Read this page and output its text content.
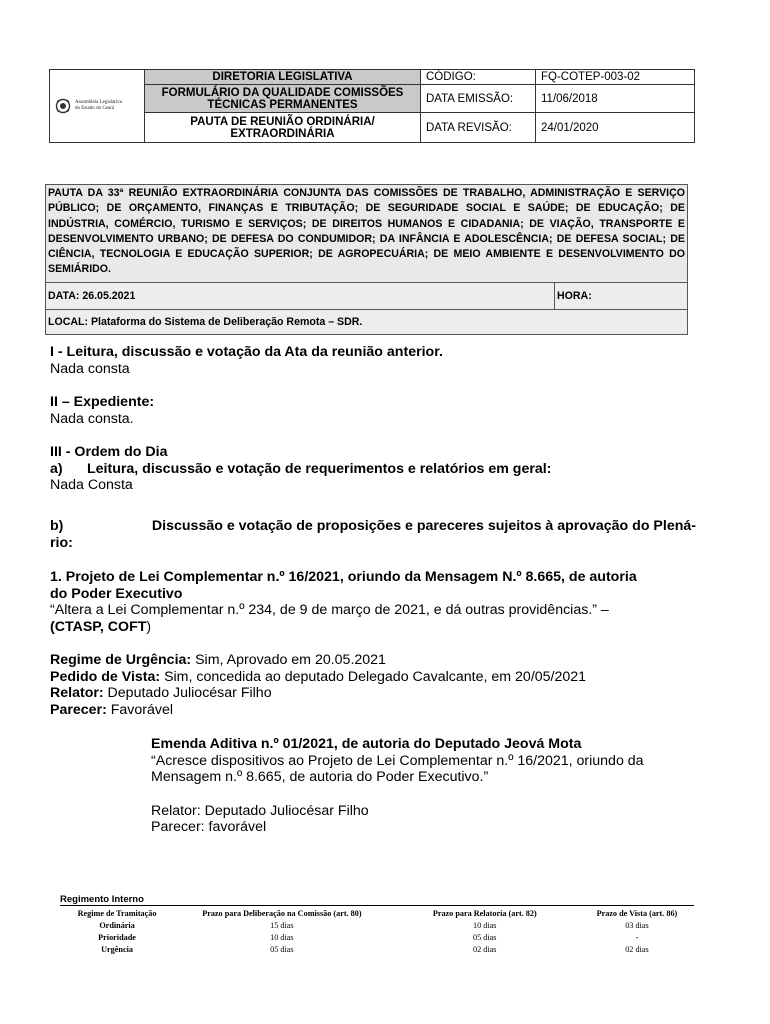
Assembleia Legislativa
do Estado do Ceará	DIRETORIA LEGISLATIVA	CÓDIGO:	FQ-COTEP-003-02
	FORMULÁRIO DA QUALIDADE COMISSÕES TÉCNICAS PERMANENTES	DATA EMISSÃO:	11/06/2018
	PAUTA DE REUNIÃO ORDINÁRIA/ EXTRAORDINÁRIA	DATA REVISÃO:	24/01/2020
PAUTA DA 33ª REUNIÃO EXTRAORDINÁRIA CONJUNTA DAS COMISSÕES DE TRABALHO, ADMINISTRAÇÃO E SERVIÇO PÚBLICO; DE ORÇAMENTO, FINANÇAS E TRIBUTAÇÃO; DE SEGURIDADE SOCIAL E SAÚDE; DE EDUCAÇÃO; DE INDÚSTRIA, COMÉRCIO, TURISMO E SERVIÇOS; DE DIREITOS HUMANOS E CIDADANIA; DE VIAÇÃO, TRANSPORTE E DESENVOLVIMENTO URBANO; DE DEFESA DO CONDUMIDOR; DA INFÂNCIA E ADOLESCÊNCIA; DE DEFESA SOCIAL; DE CIÊNCIA, TECNOLOGIA E EDUCAÇÃO SUPERIOR; DE AGROPECUÁRIA; DE MEIO AMBIENTE E DESENVOLVIMENTO DO SEMIÁRIDO.
DATA: 26.05.2021	HORA:
LOCAL: Plataforma do Sistema de Deliberação Remota – SDR.
I - Leitura, discussão e votação da Ata da reunião anterior.
Nada consta
II – Expediente:
Nada consta.
III - Ordem do Dia
a) Leitura, discussão e votação de requerimentos e relatórios em geral:
Nada Consta
b)	Discussão e votação de proposições e pareceres sujeitos à aprovação do Plená-
rio:
1. Projeto de Lei Complementar n.º 16/2021, oriundo da Mensagem N.º 8.665, de autoria
do Poder Executivo
“Altera a Lei Complementar n.º 234, de 9 de março de 2021, e dá outras providências.” –
(CTASP, COFT)
Regime de Urgência: Sim, Aprovado em 20.05.2021
Pedido de Vista: Sim, concedida ao deputado Delegado Cavalcante, em 20/05/2021
Relator: Deputado Juliocésar Filho
Parecer: Favorável
Emenda Aditiva n.º 01/2021, de autoria do Deputado Jeová Mota
“Acresce dispositivos ao Projeto de Lei Complementar n.º 16/2021, oriundo da
Mensagem n.º 8.665, de autoria do Poder Executivo.”
Relator: Deputado Juliocésar Filho
Parecer: favorável
Regimento Interno
Regime de Tramitação	Prazo para Deliberação na Comissão (art. 80)	Prazo para Relatoria (art. 82)	Prazo de Vista (art. 86)
Ordinária	15 dias	10 dias	03 dias
Prioridade	10 dias	05 dias	-
Urgência	05 dias	02 dias	02 dias
